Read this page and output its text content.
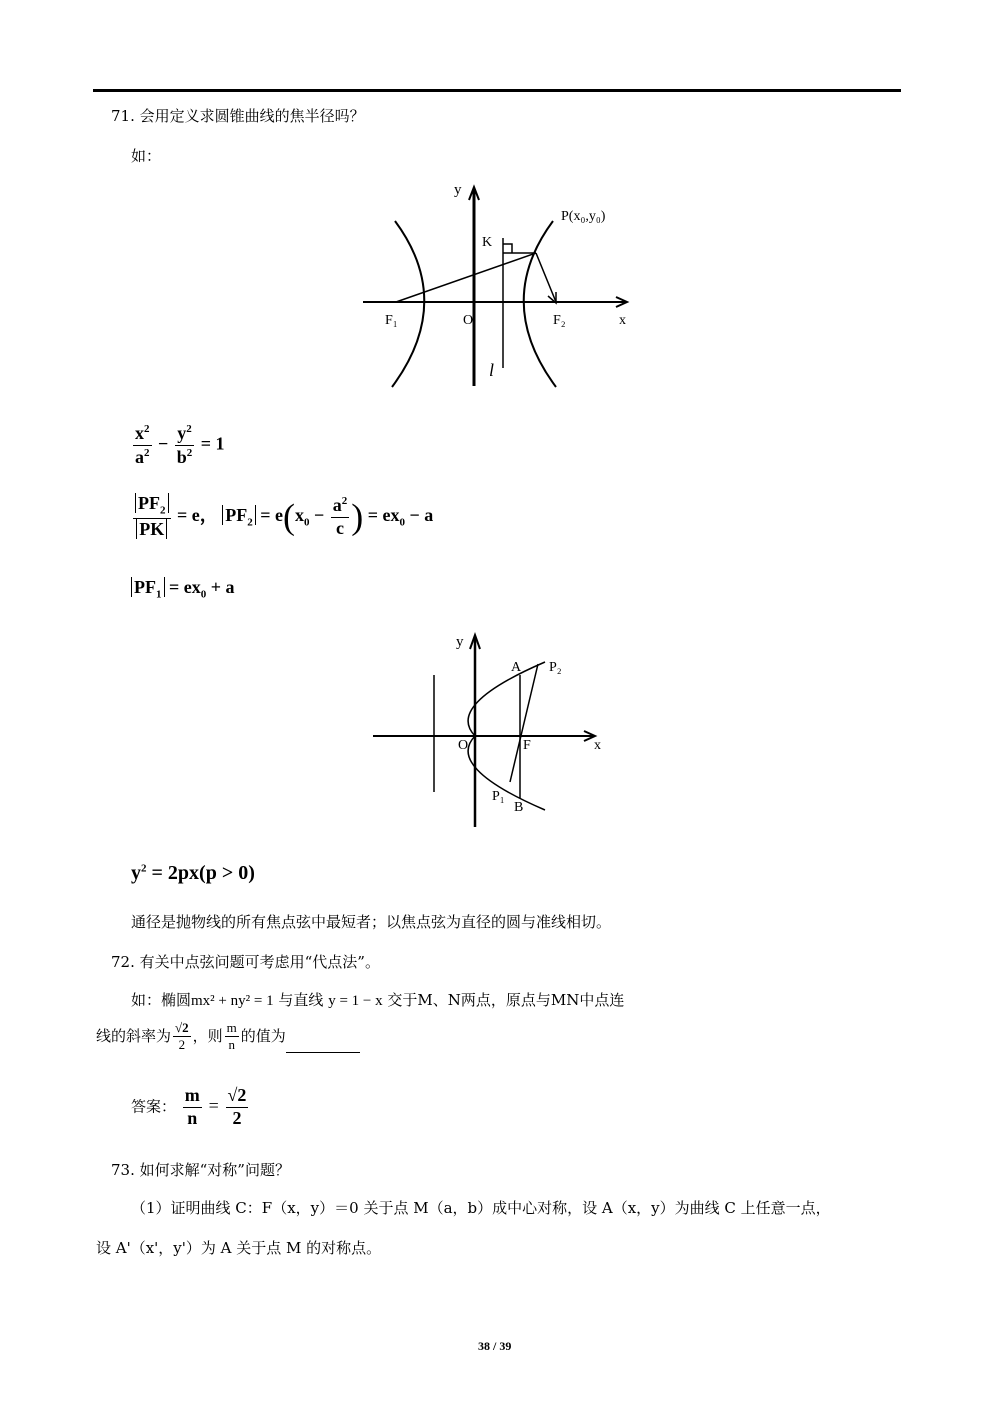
71. 会用定义求圆锥曲线的焦半径吗？
如：
y
K
P(x₀,y₀)
F₁	O	F₂	x
l
$\frac{x^2}{a^2} - \frac{y^2}{b^2} = 1$
$\frac{PF_2}{PK} = e$， $PF_2 = e(x_0 - \frac{a^2}{c}$ ) = $ex_0 - a$
$PF_1 = ex_0 + a$
y
A P₂
O	F	x
P₁
B
$y^2 = 2px(p > 0)$
通径是抛物线的所有焦点弦中最短者；以焦点弦为直径的圆与准线相切。
72. 有关中点弦问题可考虑用“代点法”。
如：椭圆mx² + ny² = 1 与直线 y = 1 − x 交于M、N两点，原点与MN中点连
线的斜率为 $\frac{√2}{2}$ ，则 $\frac{m}{n}$ 的值为
答案： $\frac{m}{n} = \frac{√2}{2}$
73. 如何求解“对称”问题？
（1）证明曲线 C：F（x，y）＝0 关于点 M（a，b）成中心对称，设 A（x，y）为曲线 C 上任意一点，
设 A'（x'，y'）为 A 关于点 M 的对称点。
38 / 39
